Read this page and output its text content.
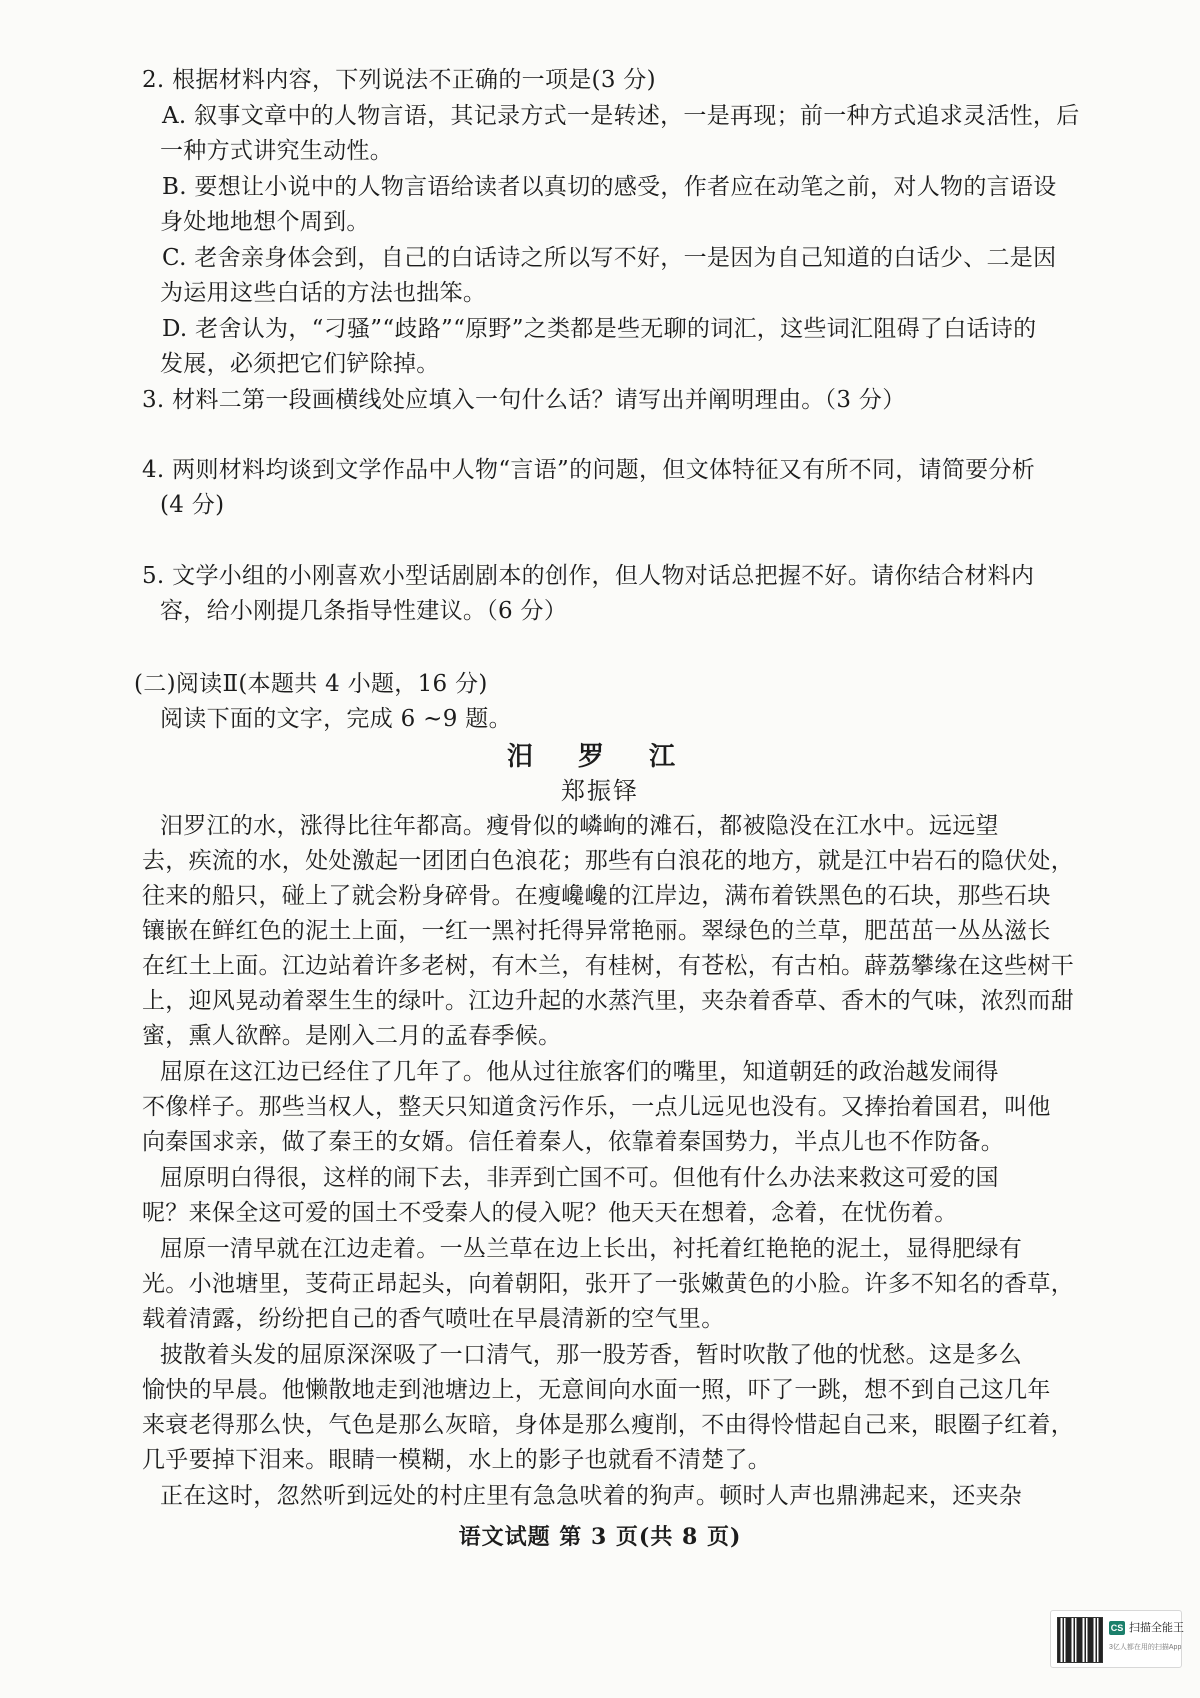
2. 根据材料内容，下列说法不正确的一项是(3 分)
A. 叙事文章中的人物言语，其记录方式一是转述，一是再现；前一种方式追求灵活性，后
一种方式讲究生动性。
B. 要想让小说中的人物言语给读者以真切的感受，作者应在动笔之前，对人物的言语设
身处地地想个周到。
C. 老舍亲身体会到，自己的白话诗之所以写不好，一是因为自己知道的白话少、二是因
为运用这些白话的方法也拙笨。
D. 老舍认为，“刁骚”“歧路”“原野”之类都是些无聊的词汇，这些词汇阻碍了白话诗的
发展，必须把它们铲除掉。
3. 材料二第一段画横线处应填入一句什么话？请写出并阐明理由。（3 分）
4. 两则材料均谈到文学作品中人物“言语”的问题，但文体特征又有所不同，请简要分析
(4 分)
5. 文学小组的小刚喜欢小型话剧剧本的创作，但人物对话总把握不好。请你结合材料内
容，给小刚提几条指导性建议。（6 分）
(二)阅读Ⅱ(本题共 4 小题，16 分)
阅读下面的文字，完成 6 ~9 题。
汨 罗 江
郑振铎
汨罗江的水，涨得比往年都高。瘦骨似的嶙峋的滩石，都被隐没在江水中。远远望
去，疾流的水，处处激起一团团白色浪花；那些有白浪花的地方，就是江中岩石的隐伏处，
往来的船只，碰上了就会粉身碎骨。在瘦巉巉的江岸边，满布着铁黑色的石块，那些石块
镶嵌在鲜红色的泥土上面，一红一黑衬托得异常艳丽。翠绿色的兰草，肥茁茁一丛丛滋长
在红土上面。江边站着许多老树，有木兰，有桂树，有苍松，有古柏。薜荔攀缘在这些树干
上，迎风晃动着翠生生的绿叶。江边升起的水蒸汽里，夹杂着香草、香木的气味，浓烈而甜
蜜，熏人欲醉。是刚入二月的孟春季候。
屈原在这江边已经住了几年了。他从过往旅客们的嘴里，知道朝廷的政治越发闹得
不像样子。那些当权人，整天只知道贪污作乐，一点儿远见也没有。又捧抬着国君，叫他
向秦国求亲，做了秦王的女婿。信任着秦人，依靠着秦国势力，半点儿也不作防备。
屈原明白得很，这样的闹下去，非弄到亡国不可。但他有什么办法来救这可爱的国
呢？来保全这可爱的国土不受秦人的侵入呢？他天天在想着，念着，在忧伤着。
屈原一清早就在江边走着。一丛兰草在边上长出，衬托着红艳艳的泥土，显得肥绿有
光。小池塘里，芰荷正昂起头，向着朝阳，张开了一张嫩黄色的小脸。许多不知名的香草，
载着清露，纷纷把自己的香气喷吐在早晨清新的空气里。
披散着头发的屈原深深吸了一口清气，那一股芳香，暂时吹散了他的忧愁。这是多么
愉快的早晨。他懒散地走到池塘边上，无意间向水面一照，吓了一跳，想不到自己这几年
来衰老得那么快，气色是那么灰暗，身体是那么瘦削，不由得怜惜起自己来，眼圈子红着，
几乎要掉下泪来。眼睛一模糊，水上的影子也就看不清楚了。
正在这时，忽然听到远处的村庄里有急急吠着的狗声。顿时人声也鼎沸起来，还夹杂
语文试题 第 3 页(共 8 页)
CS 扫描全能王
3亿人都在用的扫描App
